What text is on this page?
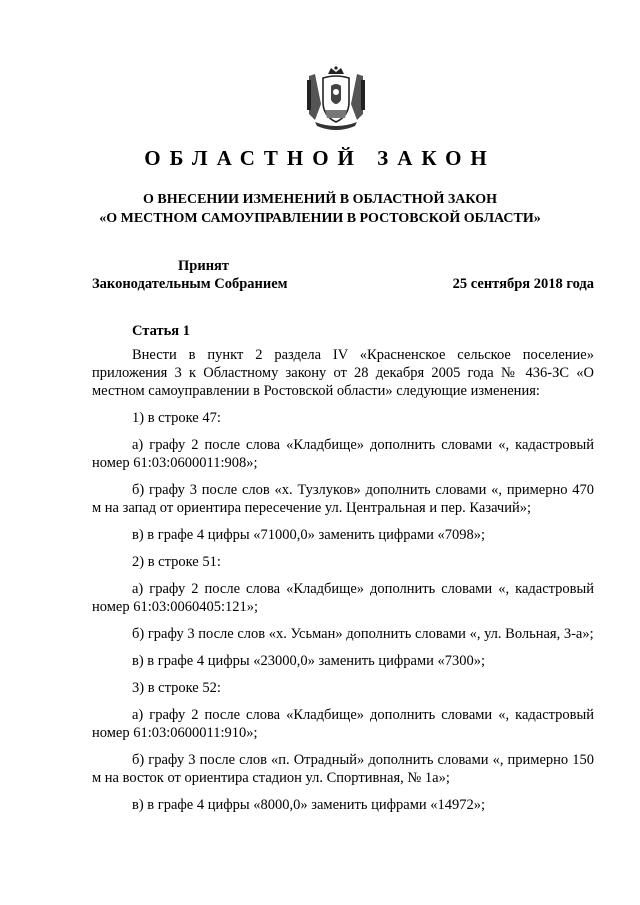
ОБЛАСТНОЙ ЗАКОН
О ВНЕСЕНИИ ИЗМЕНЕНИЙ В ОБЛАСТНОЙ ЗАКОН
«О МЕСТНОМ САМОУПРАВЛЕНИИ В РОСТОВСКОЙ ОБЛАСТИ»
Принят
Законодательным Собранием	25 сентября 2018 года
Статья 1

Внести в пункт 2 раздела IV «Красненское сельское поселение» приложения 3 к Областному закону от 28 декабря 2005 года № 436-ЗС «О местном самоуправлении в Ростовской области» следующие изменения:

1) в строке 47:

а) графу 2 после слова «Кладбище» дополнить словами «, кадастровый номер 61:03:0600011:908»;

б) графу 3 после слов «х. Тузлуков» дополнить словами «, примерно 470 м на запад от ориентира пересечение ул. Центральная и пер. Казачий»;

в) в графе 4 цифры «71000,0» заменить цифрами «7098»;

2) в строке 51:

а) графу 2 после слова «Кладбище» дополнить словами «, кадастровый номер 61:03:0060405:121»;

б) графу 3 после слов «х. Усьман» дополнить словами «, ул. Вольная, 3-а»;

в) в графе 4 цифры «23000,0» заменить цифрами «7300»;

3) в строке 52:

а) графу 2 после слова «Кладбище» дополнить словами «, кадастровый номер 61:03:0600011:910»;

б) графу 3 после слов «п. Отрадный» дополнить словами «, примерно 150 м на восток от ориентира стадион ул. Спортивная, № 1а»;

в) в графе 4 цифры «8000,0» заменить цифрами «14972»;
